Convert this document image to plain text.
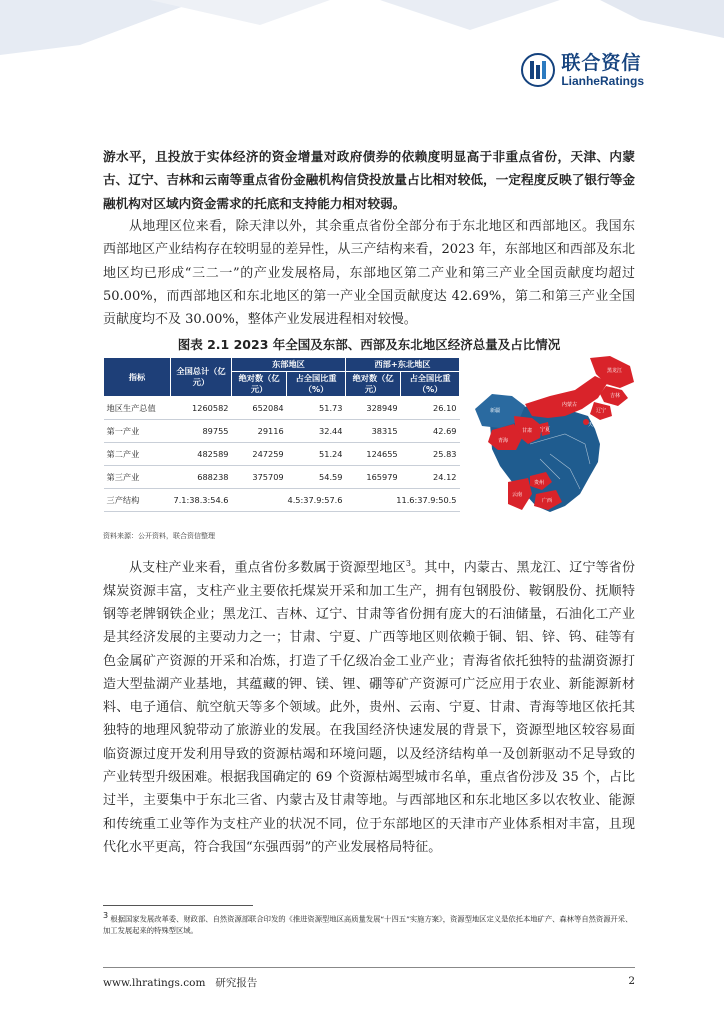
联合资信
LianheRatings

游水平，且投放于实体经济的资金增量对政府债券的依赖度明显高于非重点省份，天津、内蒙古、辽宁、吉林和云南等重点省份金融机构信贷投放量占比相对较低，一定程度反映了银行等金融机构对区域内资金需求的托底和支持能力相对较弱。

从地理区位来看，除天津以外，其余重点省份全部分布于东北地区和西部地区。我国东西部地区产业结构存在较明显的差异性，从三产结构来看，2023 年，东部地区和西部及东北地区均已形成“三二一”的产业发展格局，东部地区第二产业和第三产业全国贡献度均超过 50.00%，而西部地区和东北地区的第一产业全国贡献度达 42.69%，第二和第三产业全国贡献度均不及 30.00%，整体产业发展进程相对较慢。

图表 2.1 2023 年全国及东部、西部及东北地区经济总量及占比情况
指标	全国总计（亿元）	东部地区		西部+东北地区	
		绝对数（亿元）	占全国比重（%）	绝对数（亿元）	占全国比重（%）
地区生产总值	1260582	652084	51.73	328949	26.10
第一产业	89755	29116	32.44	38315	42.69
第二产业	482589	247259	51.24	124655	25.83
第三产业	688238	375709	54.59	165979	24.12
三产结构	7.1:38.3:54.6	4.5:37.9:57.6		11.6:37.9:50.5	
黑龙江
吉林
辽宁
内蒙古
天津
甘肃
青海
宁夏
贵州
云南
广西
新疆
资料来源：公开资料，联合资信整理

从支柱产业来看，重点省份多数属于资源型地区$^3$。其中，内蒙古、黑龙江、辽宁等省份煤炭资源丰富，支柱产业主要依托煤炭开采和加工生产，拥有包钢股份、鞍钢股份、抚顺特钢等老牌钢铁企业；黑龙江、吉林、辽宁、甘肃等省份拥有庞大的石油储量，石油化工产业是其经济发展的主要动力之一；甘肃、宁夏、广西等地区则依赖于铜、铝、锌、钨、硅等有色金属矿产资源的开采和冶炼，打造了千亿级冶金工业产业；青海省依托独特的盐湖资源打造大型盐湖产业基地，其蕴藏的钾、镁、锂、硼等矿产资源可广泛应用于农业、新能源新材料、电子通信、航空航天等多个领域。此外，贵州、云南、宁夏、甘肃、青海等地区依托其独特的地理风貌带动了旅游业的发展。在我国经济快速发展的背景下，资源型地区较容易面临资源过度开发利用导致的资源枯竭和环境问题，以及经济结构单一及创新驱动不足导致的产业转型升级困难。根据我国确定的 69 个资源枯竭型城市名单，重点省份涉及 35 个，占比过半，主要集中于东北三省、内蒙古及甘肃等地。与西部地区和东北地区多以农牧业、能源和传统重工业等作为支柱产业的状况不同，位于东部地区的天津市产业体系相对丰富，且现代化水平更高，符合我国“东强西弱”的产业发展格局特征。

$^3$ 根据国家发展改革委、财政部、自然资源部联合印发的《推进资源型地区高质量发展“十四五”实施方案》，资源型地区定义是依托本地矿产、森林等自然资源开采、加工发展起来的特殊型区域。
www.lhratings.com 研究报告	2
